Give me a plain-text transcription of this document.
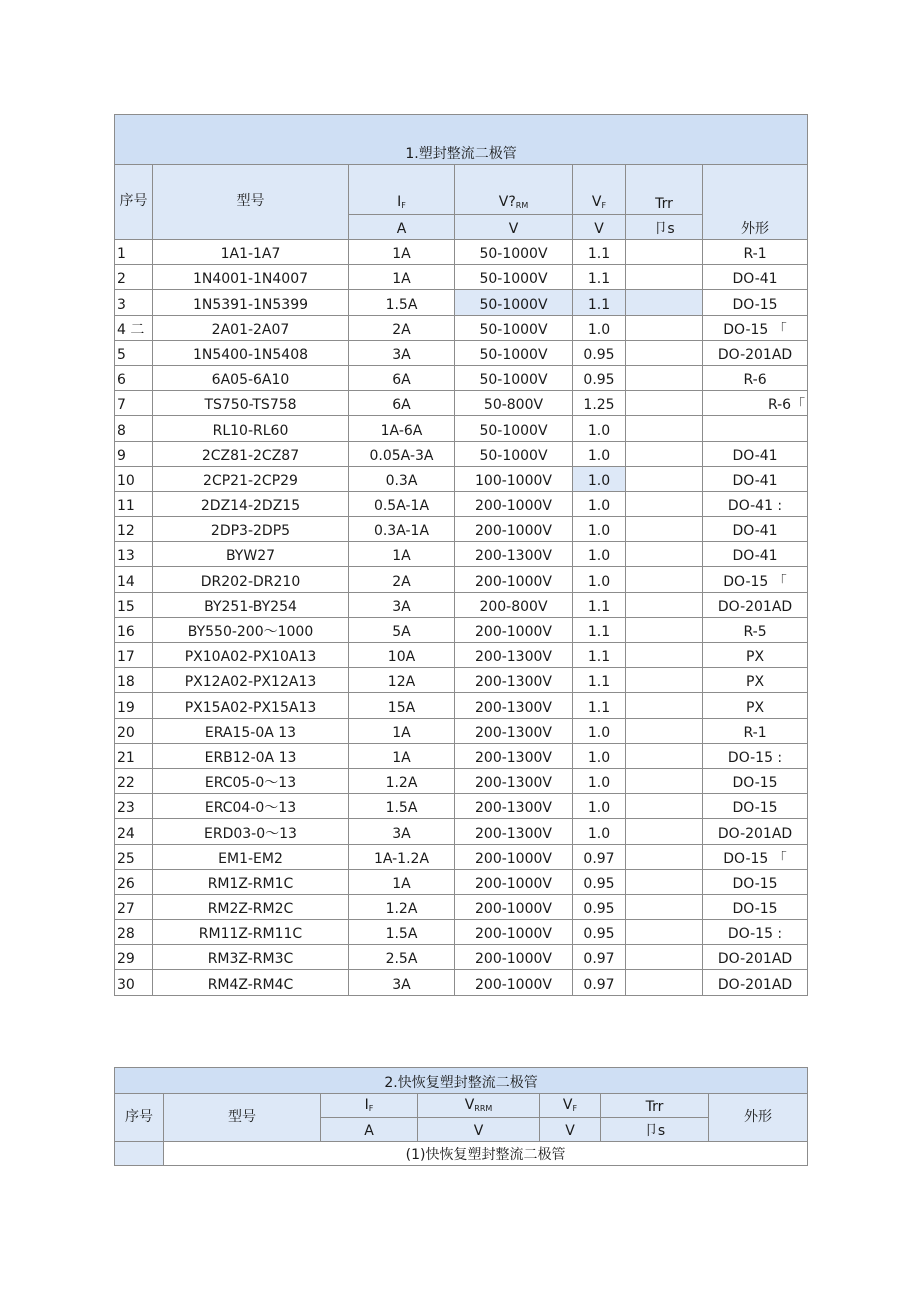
1.塑封整流二极管						
序号	型号	$I_F$	$V?_{RM}$	$V_F$	Trr	外形
		A	V	V	卩s	
1	1A1-1A7	1A	50-1000V	1.1		R-1
2	1N4001-1N4007	1A	50-1000V	1.1		DO-41
3	1N5391-1N5399	1.5A	50-1000V	1.1		DO-15
4 二	2A01-2A07	2A	50-1000V	1.0		DO-15 「
5	1N5400-1N5408	3A	50-1000V	0.95		DO-201AD
6	6A05-6A10	6A	50-1000V	0.95		R-6
7	TS750-TS758	6A	50-800V	1.25		R-6「
8	RL10-RL60	1A-6A	50-1000V	1.0		
9	2CZ81-2CZ87	0.05A-3A	50-1000V	1.0		DO-41
10	2CP21-2CP29	0.3A	100-1000V	1.0		DO-41
11	2DZ14-2DZ15	0.5A-1A	200-1000V	1.0		DO-41 :
12	2DP3-2DP5	0.3A-1A	200-1000V	1.0		DO-41
13	BYW27	1A	200-1300V	1.0		DO-41
14	DR202-DR210	2A	200-1000V	1.0		DO-15 「
15	BY251-BY254	3A	200-800V	1.1		DO-201AD
16	BY550-200〜1000	5A	200-1000V	1.1		R-5
17	PX10A02-PX10A13	10A	200-1300V	1.1		PX
18	PX12A02-PX12A13	12A	200-1300V	1.1		PX
19	PX15A02-PX15A13	15A	200-1300V	1.1		PX
20	ERA15-0A 13	1A	200-1300V	1.0		R-1
21	ERB12-0A 13	1A	200-1300V	1.0		DO-15 :
22	ERC05-0〜13	1.2A	200-1300V	1.0		DO-15
23	ERC04-0〜13	1.5A	200-1300V	1.0		DO-15
24	ERD03-0〜13	3A	200-1300V	1.0		DO-201AD
25	EM1-EM2	1A-1.2A	200-1000V	0.97		DO-15 「
26	RM1Z-RM1C	1A	200-1000V	0.95		DO-15
27	RM2Z-RM2C	1.2A	200-1000V	0.95		DO-15
28	RM11Z-RM11C	1.5A	200-1000V	0.95		DO-15 :
29	RM3Z-RM3C	2.5A	200-1000V	0.97		DO-201AD
30	RM4Z-RM4C	3A	200-1000V	0.97		DO-201AD
2.快恢复塑封整流二极管						
序号	型号	$I_F$	$V_{RRM}$	$V_F$	Trr	外形
		A	V	V	卩s	
	(1)快恢复塑封整流二极管					
